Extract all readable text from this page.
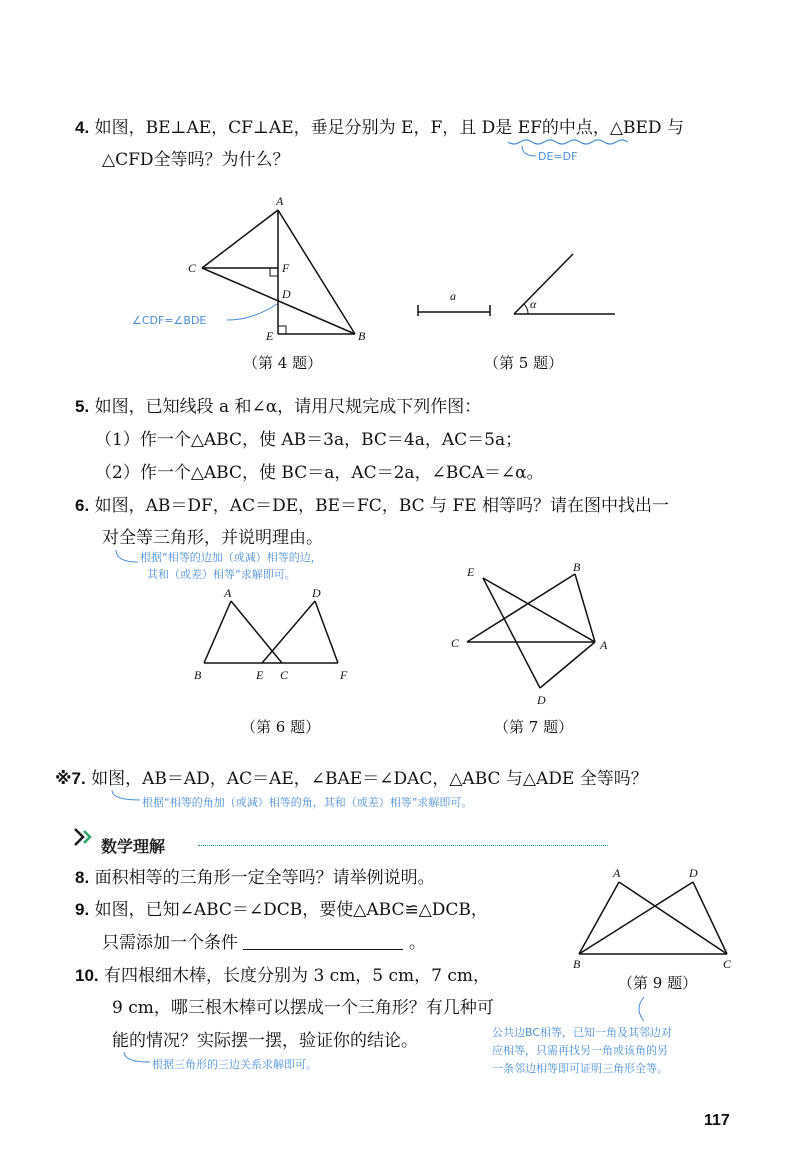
4. 如图，BE⊥AE，CF⊥AE，垂足分别为 E，F，且 D是 EF的中点，△BED 与
△CFD全等吗？为什么？	DE=DF
A
C	F
D
E	B
∠CDF=∠BDE
（第 4 题）
a
α
（第 5 题）
5. 如图，已知线段 a 和∠α，请用尺规完成下列作图：
（1）作一个△ABC，使 AB＝3a，BC＝4a，AC＝5a；
（2）作一个△ABC，使 BC＝a，AC＝2a，∠BCA＝∠α。
6. 如图，AB＝DF，AC＝DE，BE＝FC，BC 与 FE 相等吗？请在图中找出一
对全等三角形，并说明理由。
根据“相等的边加（或减）相等的边，
其和（或差）相等”求解即可。
A	D
B	E C	F
（第 6 题）
E	B
C	A
D
（第 7 题）
※7. 如图，AB＝AD，AC＝AE，∠BAE＝∠DAC，△ABC 与△ADE 全等吗？
根据“相等的角加（或减）相等的角，其和（或差）相等”求解即可。
数学理解
8. 面积相等的三角形一定全等吗？请举例说明。
9. 如图，已知∠ABC＝∠DCB，要使△ABC≌△DCB，
只需添加一个条件	。
A	D
B	C
（第 9 题）
10. 有四根细木棒，长度分别为 3 cm，5 cm，7 cm，
9 cm，哪三根木棒可以摆成一个三角形？有几种可
能的情况？实际摆一摆，验证你的结论。
根据三角形的三边关系求解即可。
公共边BC相等，已知一角及其邻边对
应相等，只需再找另一角或该角的另
一条邻边相等即可证明三角形全等。
117
